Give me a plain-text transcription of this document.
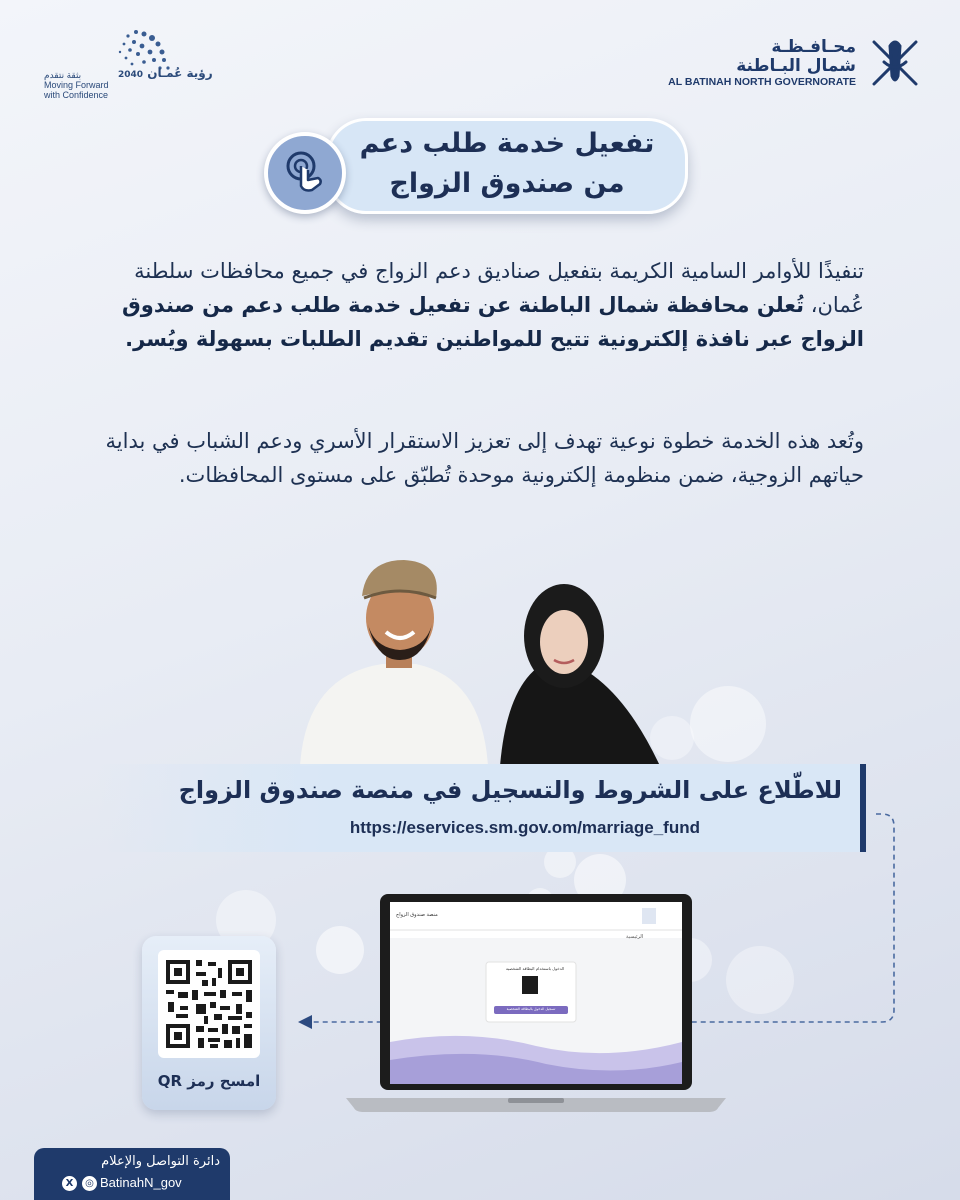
محـافـظـة
شمال البـاطنة
AL BATINAH NORTH GOVERNORATE
رؤية عُمـان 2040
بثقة نتقدم
Moving Forward
with Confidence
تفعيل خدمة طلب دعم
من صندوق الزواج
تنفيذًا للأوامر السامية الكريمة بتفعيل صناديق دعم الزواج في جميع محافظات سلطنة عُمان، تُعلن محافظة شمال الباطنة عن تفعيل خدمة طلب دعم من صندوق الزواج عبر نافذة إلكترونية تتيح للمواطنين تقديم الطلبات بسهولة ويُسر.
وتُعد هذه الخدمة خطوة نوعية تهدف إلى تعزيز الاستقرار الأسري ودعم الشباب في بداية حياتهم الزوجية، ضمن منظومة إلكترونية موحدة تُطبّق على مستوى المحافظات.
للاطّلاع على الشروط والتسجيل في منصة صندوق الزواج
https://eservices.sm.gov.om/marriage_fund
منصة صندوق الزواج
الرئيسية
الدخول باستخدام البطاقة الشخصية
تسجيل الدخول بالبطاقة الشخصية
امسح رمز QR
دائرة التواصل والإعلام
X	◎ BatinahN_gov
